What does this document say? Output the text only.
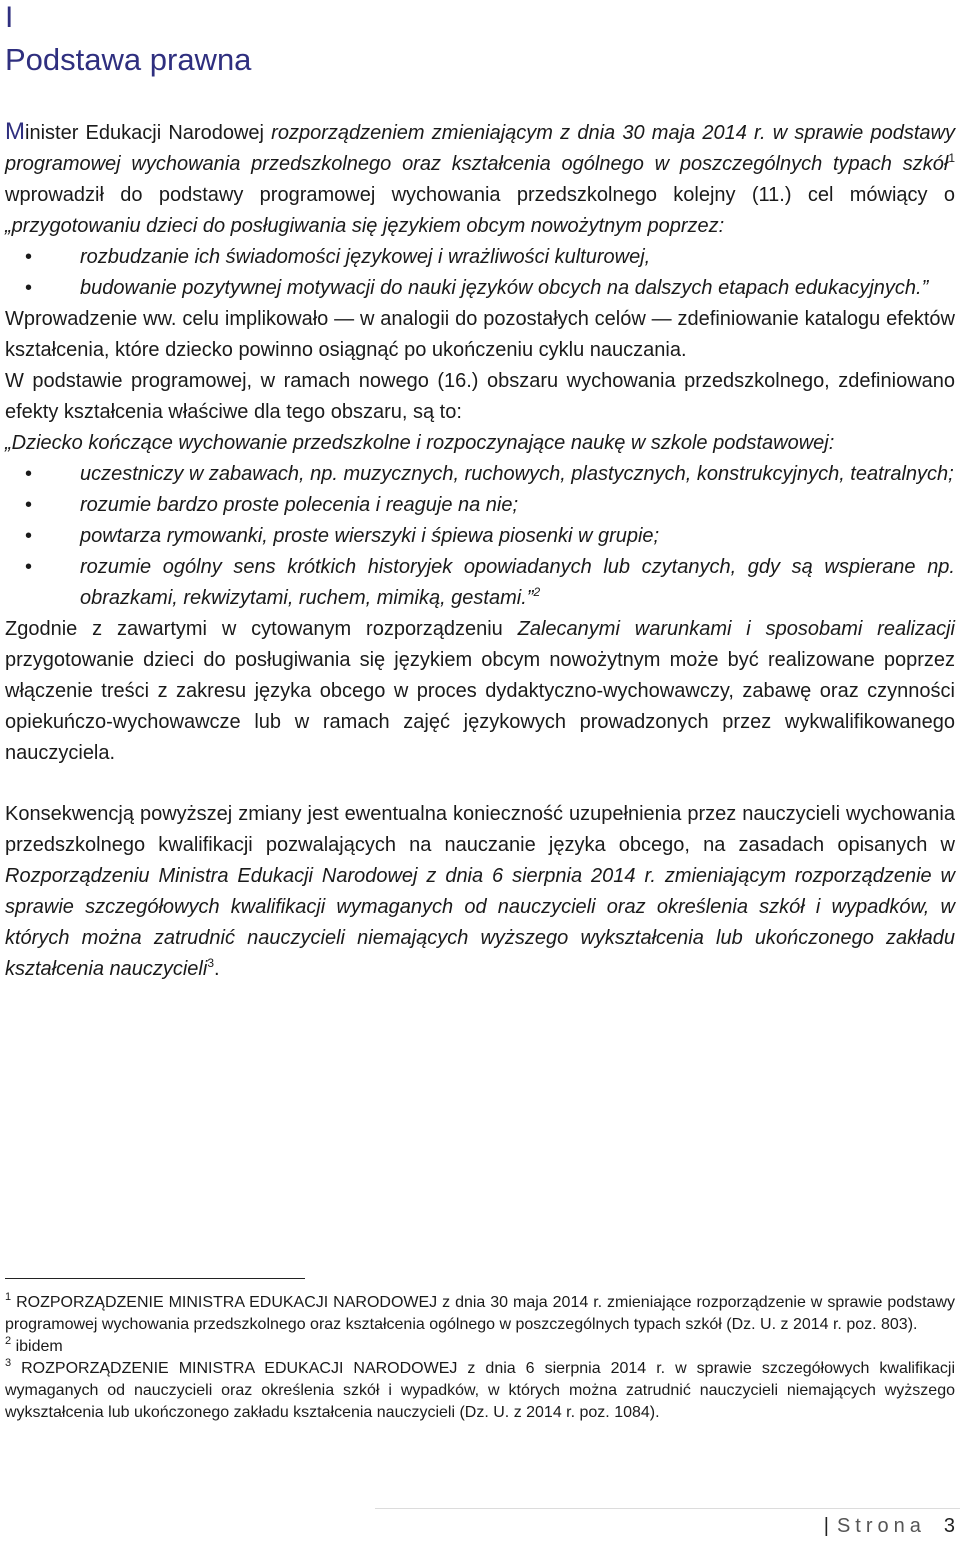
I
Podstawa prawna

Minister Edukacji Narodowej rozporządzeniem zmieniającym z dnia 30 maja 2014 r. w sprawie podstawy programowej wychowania przedszkolnego oraz kształcenia ogólnego w poszczególnych typach szkół$^1$ wprowadził do podstawy programowej wychowania przedszkolnego kolejny (11.) cel mówiący o „przygotowaniu dzieci do posługiwania się językiem obcym nowożytnym poprzez:

• rozbudzanie ich świadomości językowej i wrażliwości kulturowej,
• budowanie pozytywnej motywacji do nauki języków obcych na dalszych etapach edukacyjnych.”

Wprowadzenie ww. celu implikowało — w analogii do pozostałych celów — zdefiniowanie katalogu efektów kształcenia, które dziecko powinno osiągnąć po ukończeniu cyklu nauczania.

W podstawie programowej, w ramach nowego (16.) obszaru wychowania przedszkolnego, zdefiniowano efekty kształcenia właściwe dla tego obszaru, są to:

„Dziecko kończące wychowanie przedszkolne i rozpoczynające naukę w szkole podstawowej:

• uczestniczy w zabawach, np. muzycznych, ruchowych, plastycznych, konstrukcyjnych, teatralnych;
• rozumie bardzo proste polecenia i reaguje na nie;
• powtarza rymowanki, proste wierszyki i śpiewa piosenki w grupie;
• rozumie ogólny sens krótkich historyjek opowiadanych lub czytanych, gdy są wspierane np. obrazkami, rekwizytami, ruchem, mimiką, gestami.”$^2$

Zgodnie z zawartymi w cytowanym rozporządzeniu Zalecanymi warunkami i sposobami realizacji przygotowanie dzieci do posługiwania się językiem obcym nowożytnym może być realizowane poprzez włączenie treści z zakresu języka obcego w proces dydaktyczno-wychowawczy, zabawę oraz czynności opiekuńczo-wychowawcze lub w ramach zajęć językowych prowadzonych przez wykwalifikowanego nauczyciela.

Konsekwencją powyższej zmiany jest ewentualna konieczność uzupełnienia przez nauczycieli wychowania przedszkolnego kwalifikacji pozwalających na nauczanie języka obcego, na zasadach opisanych w Rozporządzeniu Ministra Edukacji Narodowej z dnia 6 sierpnia 2014 r. zmieniającym rozporządzenie w sprawie szczegółowych kwalifikacji wymaganych od nauczycieli oraz określenia szkół i wypadków, w których można zatrudnić nauczycieli niemających wyższego wykształcenia lub ukończonego zakładu kształcenia nauczycieli$^3$.

$^1$ ROZPORZĄDZENIE MINISTRA EDUKACJI NARODOWEJ z dnia 30 maja 2014 r. zmieniające rozporządzenie w sprawie podstawy programowej wychowania przedszkolnego oraz kształcenia ogólnego w poszczególnych typach szkół (Dz. U. z 2014 r. poz. 803).

$^2$ ibidem

$^3$ ROZPORZĄDZENIE MINISTRA EDUKACJI NARODOWEJ z dnia 6 sierpnia 2014 r. w sprawie szczegółowych kwalifikacji wymaganych od nauczycieli oraz określenia szkół i wypadków, w których można zatrudnić nauczycieli niemających wyższego wykształcenia lub ukończonego zakładu kształcenia nauczycieli (Dz. U. z 2014 r. poz. 1084).

| Strona 3
